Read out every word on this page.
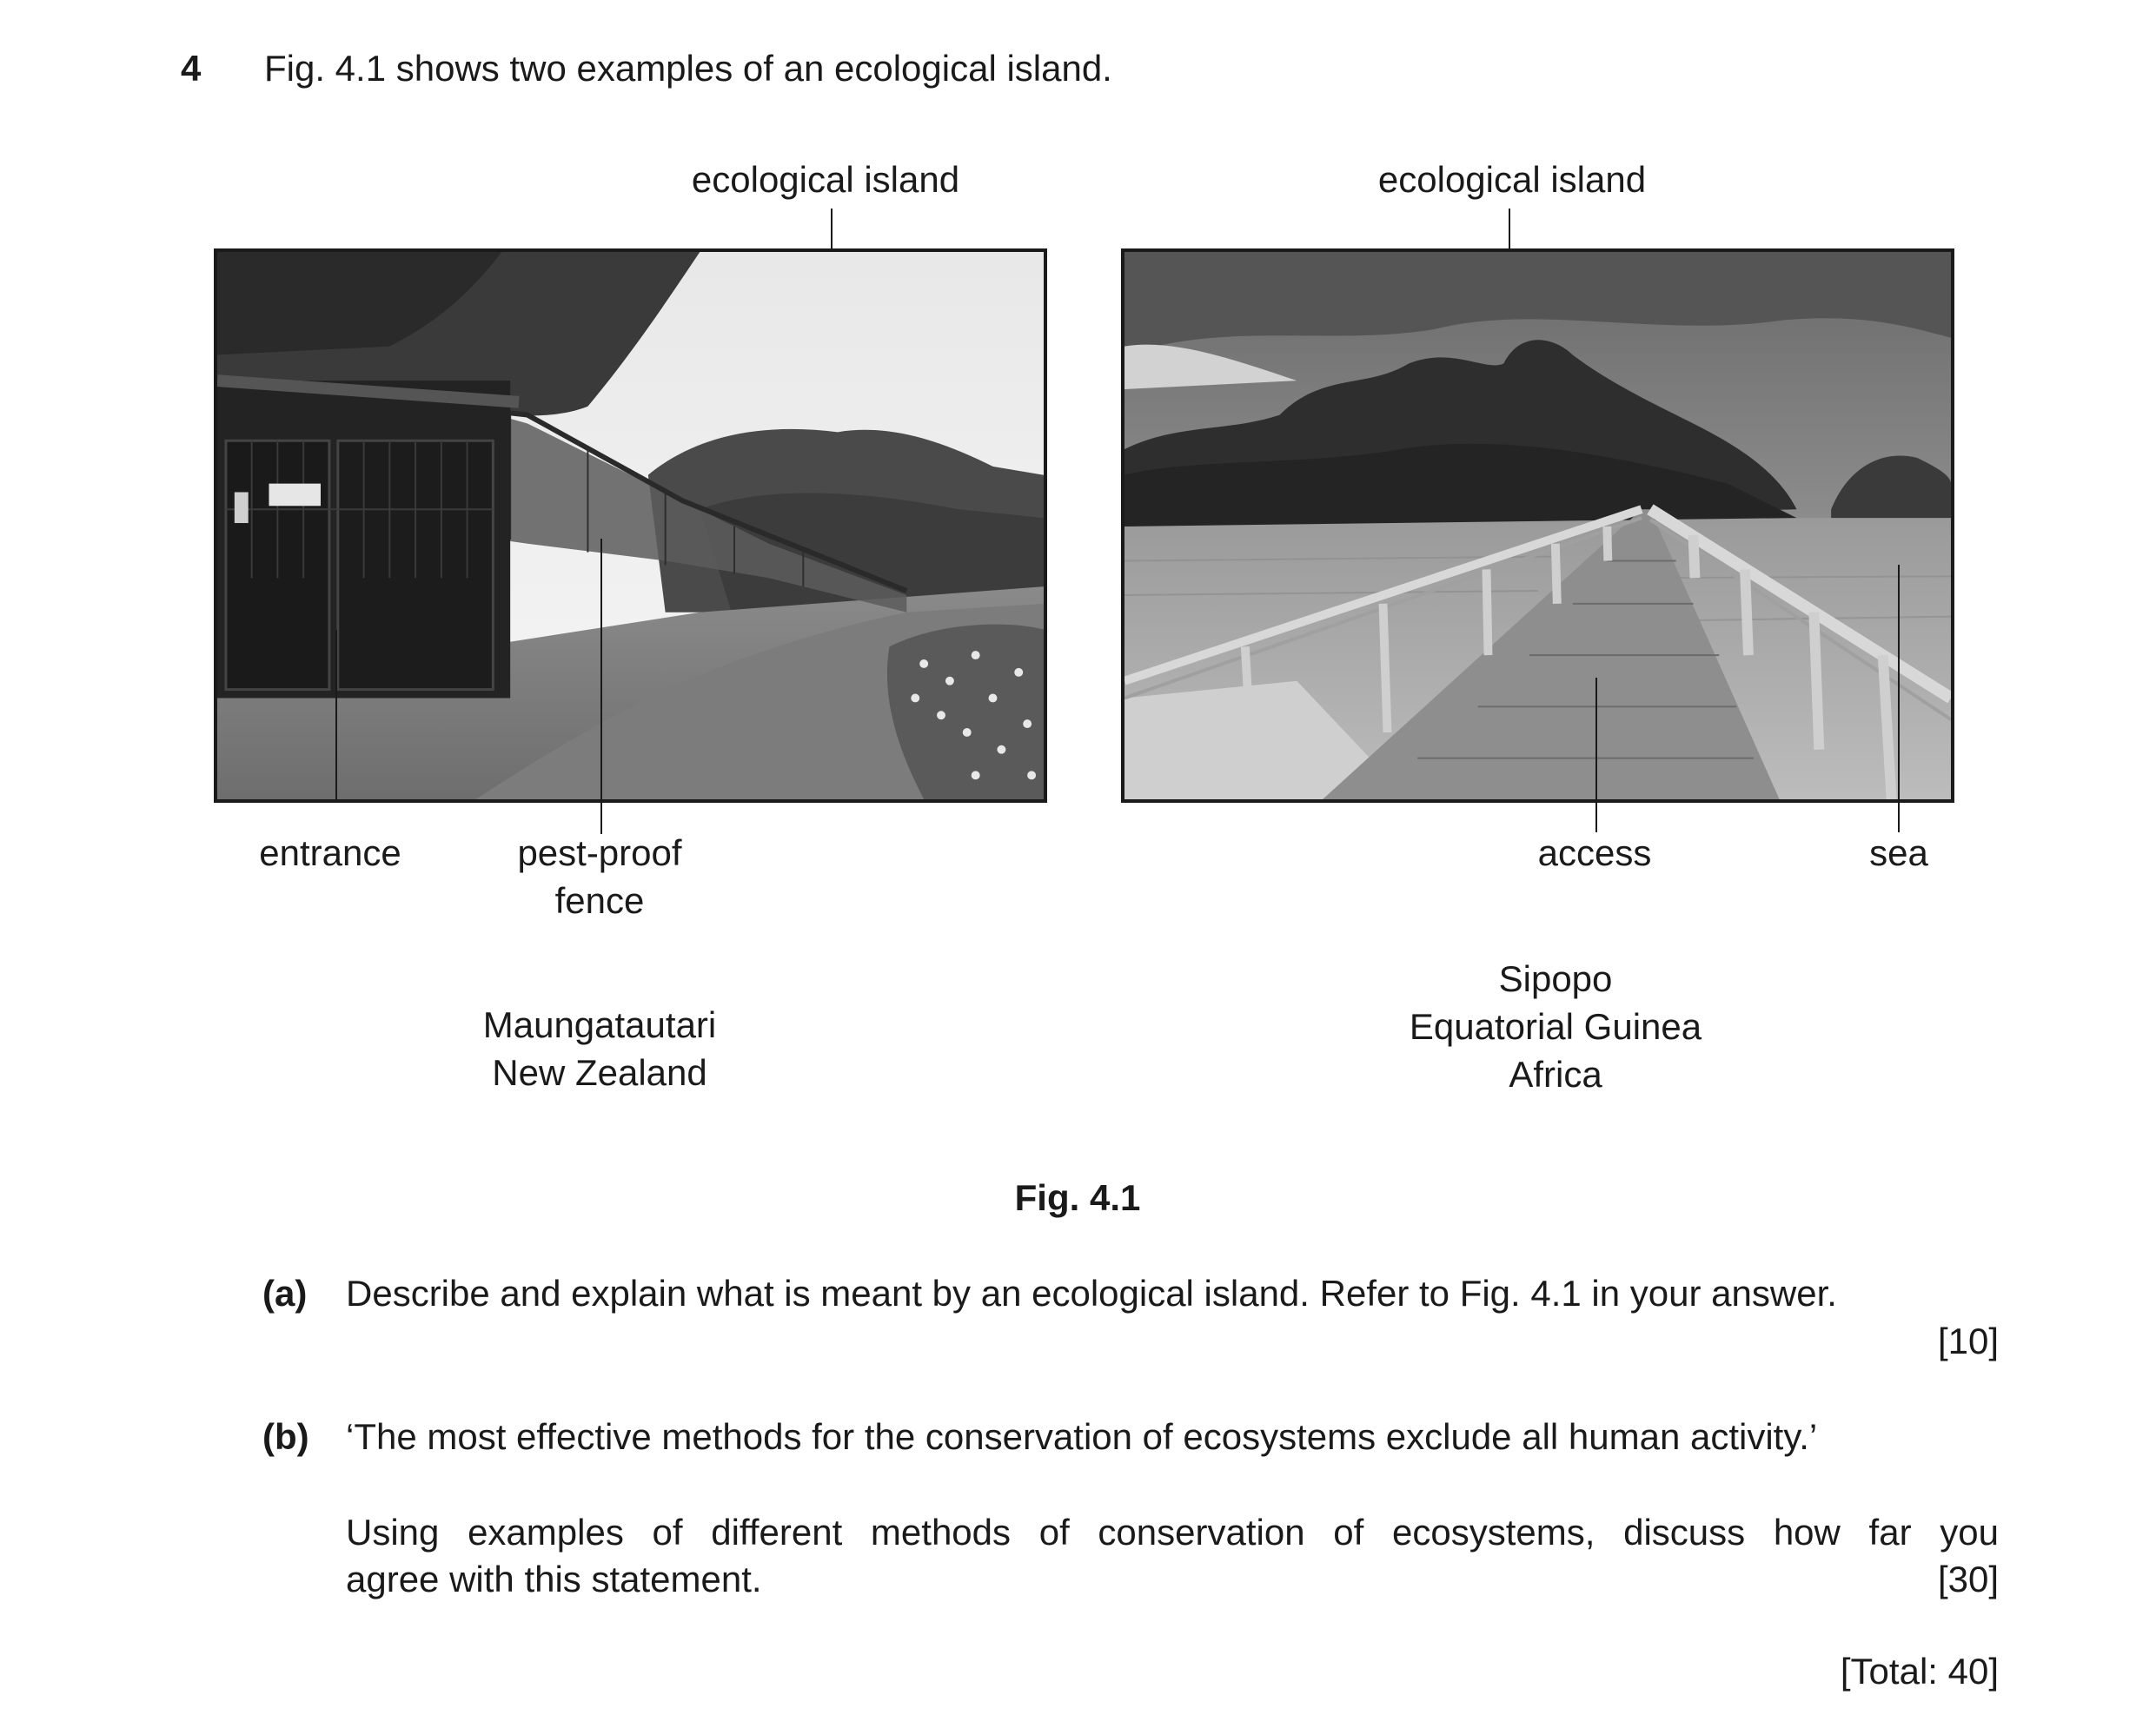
4 Fig. 4.1 shows two examples of an ecological island.
ecological island
entrance	pest-proof
fence
Maungatautari
New Zealand
ecological island
access	sea
Sipopo
Equatorial Guinea
Africa
Fig. 4.1
(a) Describe and explain what is meant by an ecological island. Refer to Fig. 4.1 in your answer.
[10]
(b) ‘The most effective methods for the conservation of ecosystems exclude all human activity.’
Using examples of different methods of conservation of ecosystems, discuss how far you
agree with this statement.	[30]
[Total: 40]
